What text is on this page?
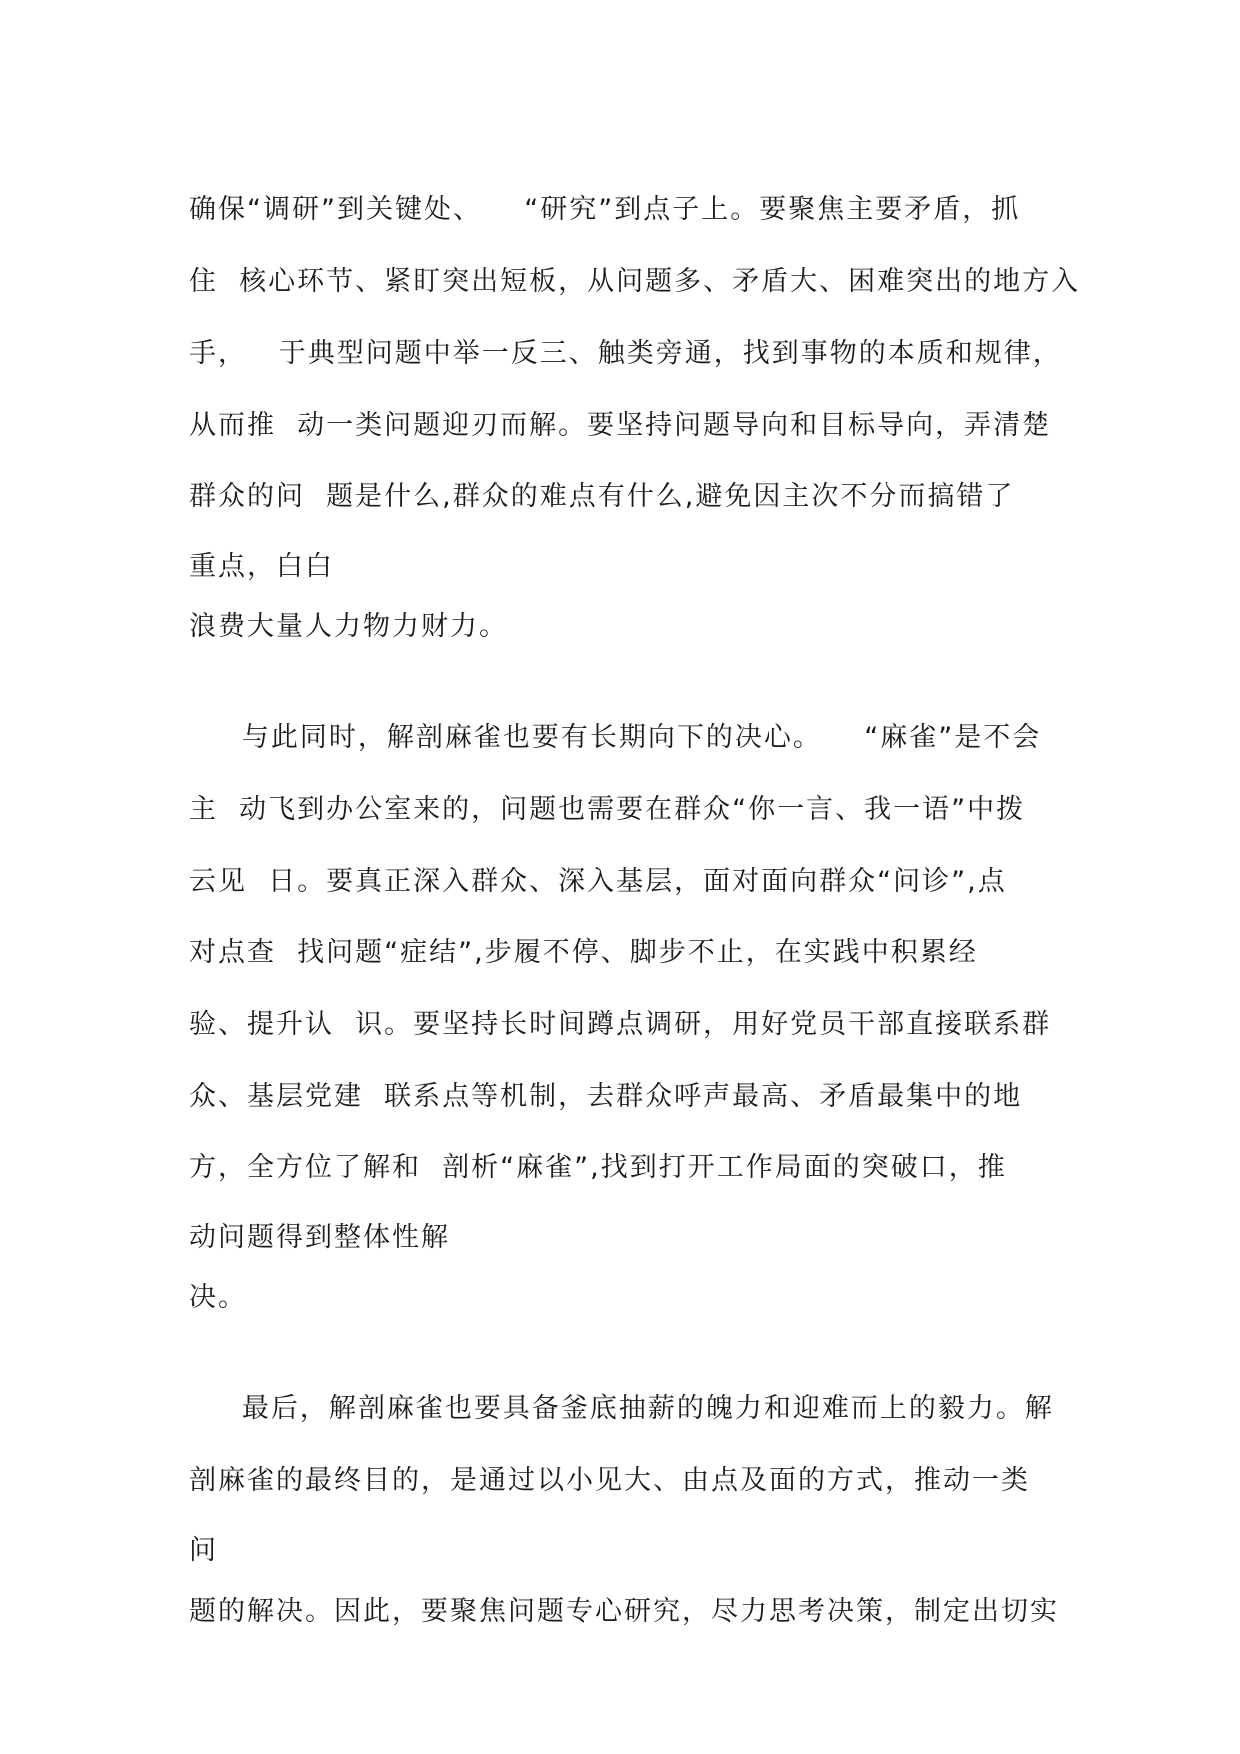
确保“调研”到关键处、    “研究”到点子上。要聚焦主要矛盾，抓
住  核心环节、紧盯突出短板，从问题多、矛盾大、困难突出的地方入
手，   于典型问题中举一反三、触类旁通，找到事物的本质和规律，
从而推  动一类问题迎刃而解。要坚持问题导向和目标导向，弄清楚
群众的问  题是什么,群众的难点有什么,避免因主次不分而搞错了
重点，白白
浪费大量人力物力财力。
与此同时，解剖麻雀也要有长期向下的决心。    “麻雀”是不会
主  动飞到办公室来的，问题也需要在群众“你一言、我一语”中拨
云见  日。要真正深入群众、深入基层，面对面向群众“问诊”,点
对点查  找问题“症结”,步履不停、脚步不止，在实践中积累经
验、提升认  识。要坚持长时间蹲点调研，用好党员干部直接联系群
众、基层党建  联系点等机制，去群众呼声最高、矛盾最集中的地
方，全方位了解和  剖析“麻雀”,找到打开工作局面的突破口，推
动问题得到整体性解
决。
最后，解剖麻雀也要具备釜底抽薪的魄力和迎难而上的毅力。解
剖麻雀的最终目的，是通过以小见大、由点及面的方式，推动一类
问
题的解决。因此，要聚焦问题专心研究，尽力思考决策，制定出切实
